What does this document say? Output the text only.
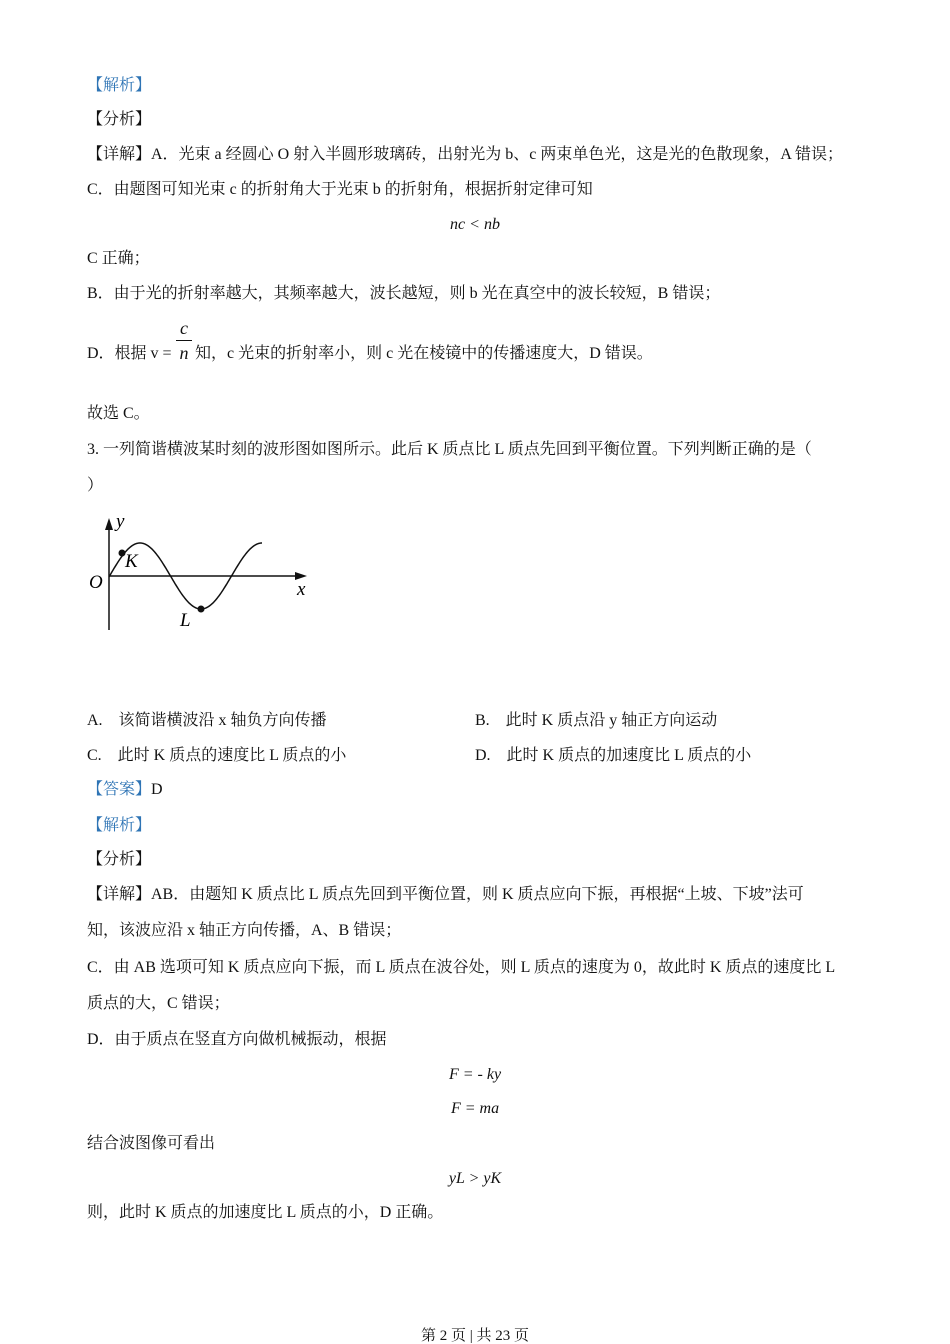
【解析】
【分析】
【详解】A．光束 a 经圆心 O 射入半圆形玻璃砖，出射光为 b、c 两束单色光，这是光的色散现象，A 错误；
C．由题图可知光束 c 的折射角大于光束 b 的折射角，根据折射定律可知
nc < nb
C 正确；
B．由于光的折射率越大，其频率越大，波长越短，则 b 光在真空中的波长较短，B 错误；
D．根据 v =
c
n 知，c 光束的折射率小，则 c 光在棱镜中的传播速度大，D 错误。
故选 C。
3. 一列简谐横波某时刻的波形图如图所示。此后 K 质点比 L 质点先回到平衡位置。下列判断正确的是（
）
y
x
O
K
L
A.　该简谐横波沿 x 轴负方向传播	B.　此时 K 质点沿 y 轴正方向运动
C.　此时 K 质点的速度比 L 质点的小	D.　此时 K 质点的加速度比 L 质点的小
【答案】D
【解析】
【分析】
【详解】AB．由题知 K 质点比 L 质点先回到平衡位置，则 K 质点应向下振，再根据“上坡、下坡”法可
知，该波应沿 x 轴正方向传播，A、B 错误；
C．由 AB 选项可知 K 质点应向下振，而 L 质点在波谷处，则 L 质点的速度为 0，故此时 K 质点的速度比 L
质点的大，C 错误；
D．由于质点在竖直方向做机械振动，根据
F = - ky
F = ma
结合波图像可看出
yL > yK
则，此时 K 质点的加速度比 L 质点的小，D 正确。
第 2 页 | 共 23 页
